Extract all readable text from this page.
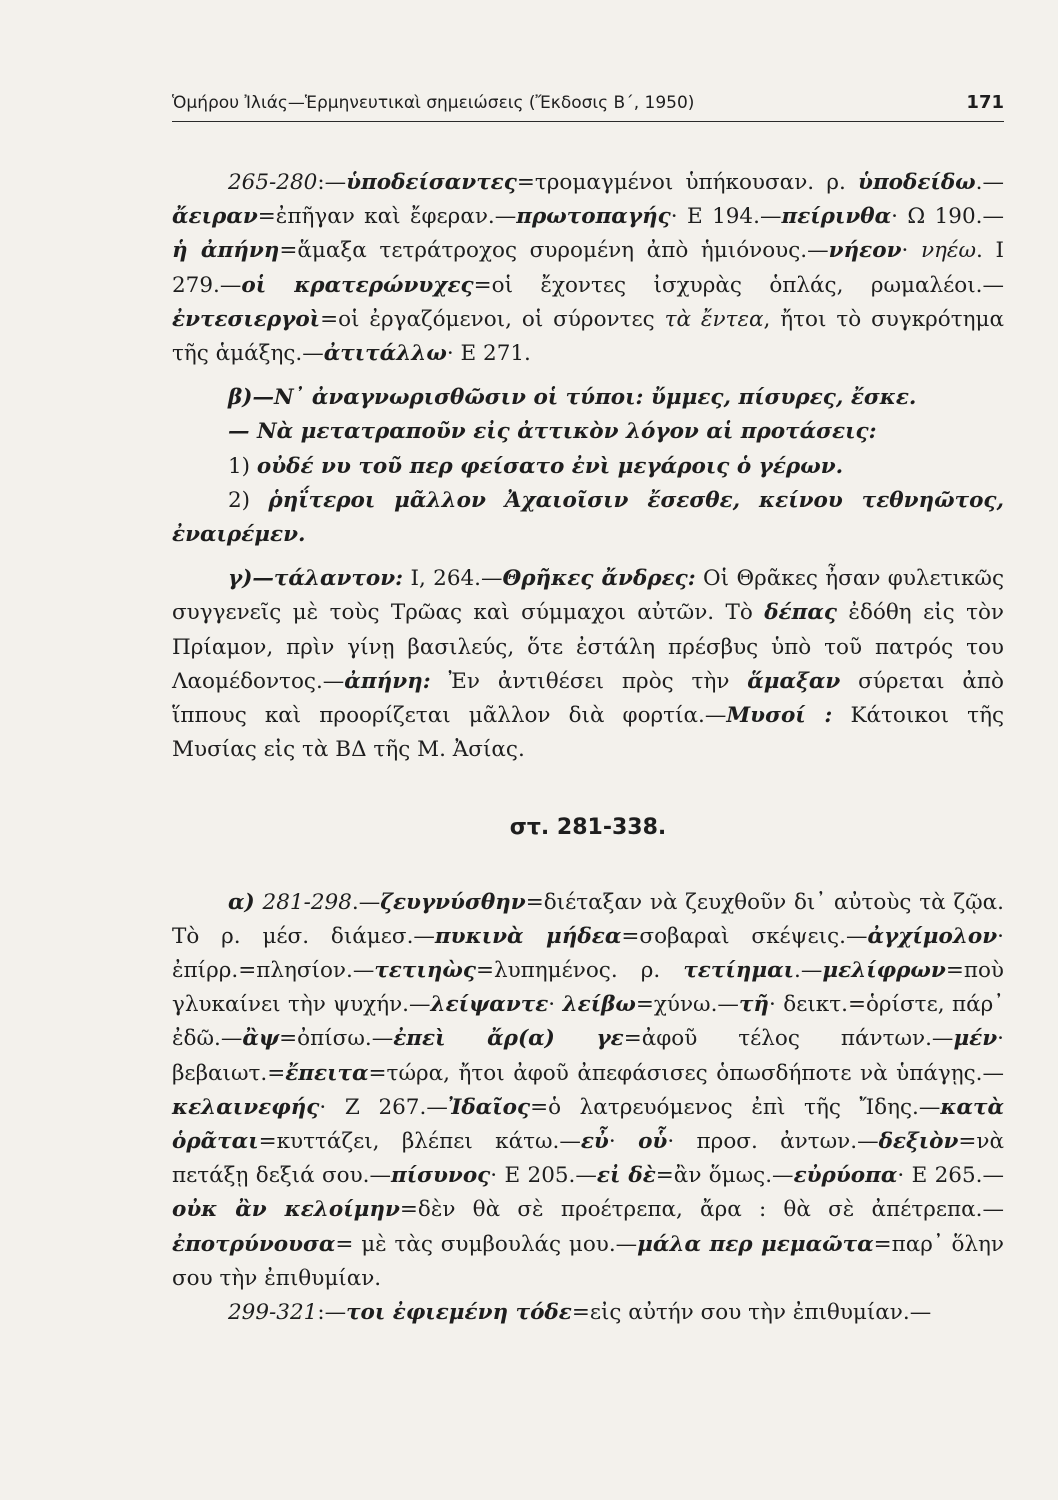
Ὁμήρου Ἰλιάς—Ἑρμηνευτικαὶ σημειώσεις (Ἔκδοσις Β΄, 1950)	171

265-280:—ὑποδείσαντες=τρομαγμένοι ὑπήκουσαν. ρ. ὑποδείδω.—ἄειραν=ἐπῆγαν καὶ ἔφεραν.—πρωτοπαγής· Ε 194.—πείρινθα· Ω 190.—ἡ ἀπήνη=ἅμαξα τετράτροχος συρομένη ἀπὸ ἡμιόνους.—νήεον· νηέω. Ι 279.—οἱ κρατερώνυχες=οἱ ἔχοντες ἰσχυρὰς ὁπλάς, ρωμαλέοι.—ἐντεσιεργοὶ=οἱ ἐργαζόμενοι, οἱ σύροντες τὰ ἔντεα, ἤτοι τὸ συγκρότημα τῆς ἁμάξης.—ἀτιτάλλω· Ε 271.

β)—Ν᾿ ἀναγνωρισθῶσιν οἱ τύποι: ὔμμες, πίσυρες, ἔσκε.

— Νὰ μετατραποῦν εἰς ἀττικὸν λόγον αἱ προτάσεις:

1) οὐδέ νυ τοῦ περ φείσατο ἐνὶ μεγάροις ὁ γέρων.

2) ῥηΐτεροι μᾶλλον Ἀχαιοῖσιν ἔσεσθε, κείνου τεθνηῶτος, ἐναιρέμεν.

γ)—τάλαντον: Ι, 264.—Θρῆκες ἄνδρες: Οἱ Θρᾶκες ἦσαν φυλετικῶς συγγενεῖς μὲ τοὺς Τρῶας καὶ σύμμαχοι αὐτῶν. Τὸ δέπας ἐδόθη εἰς τὸν Πρίαμον, πρὶν γίνῃ βασιλεύς, ὅτε ἐστάλη πρέσβυς ὑπὸ τοῦ πατρός του Λαομέδοντος.—ἀπήνη: Ἐν ἀντιθέσει πρὸς τὴν ἅμαξαν σύρεται ἀπὸ ἵππους καὶ προορίζεται μᾶλλον διὰ φορτία.—Μυσοί : Κάτοικοι τῆς Μυσίας εἰς τὰ ΒΔ τῆς Μ. Ἀσίας.

στ. 281-338.

α) 281-298.—ζευγνύσθην=διέταξαν νὰ ζευχθοῦν δι᾿ αὐτοὺς τὰ ζῷα. Τὸ ρ. μέσ. διάμεσ.—πυκινὰ μήδεα=σοβαραὶ σκέψεις.—ἀγχίμολον· ἐπίρρ.=πλησίον.—τετιηὼς=λυπημένος. ρ. τετίημαι.—μελίφρων=ποὺ γλυκαίνει τὴν ψυχήν.—λείψαντε· λείβω=χύνω.—τῆ· δεικτ.=ὁρίστε, πάρ᾿ ἐδῶ.—ἂψ=ὀπίσω.—ἐπεὶ ἄρ(α) γε=ἀφοῦ τέλος πάντων.—μέν· βεβαιωτ.=ἔπειτα=τώρα, ἤτοι ἀφοῦ ἀπεφάσισες ὁπωσδήποτε νὰ ὑπάγῃς.—κελαινεφής· Ζ 267.—Ἰδαῖος=ὁ λατρευόμενος ἐπὶ τῆς Ἴδης.—κατὰ ὁρᾶται=κυττάζει, βλέπει κάτω.—εὖ· οὗ· προσ. ἀντων.—δεξιὸν=νὰ πετάξῃ δεξιά σου.—πίσυνος· Ε 205.—εἰ δὲ=ἂν ὅμως.—εὐρύοπα· Ε 265.—οὐκ ἂν κελοίμην=δὲν θὰ σὲ προέτρεπα, ἄρα : θὰ σὲ ἀπέτρεπα.—ἐποτρύνουσα= μὲ τὰς συμβουλάς μου.—μάλα περ μεμαῶτα=παρ᾿ ὅλην σου τὴν ἐπιθυμίαν.

299-321:—τοι ἐφιεμένη τόδε=εἰς αὐτήν σου τὴν ἐπιθυμίαν.—
